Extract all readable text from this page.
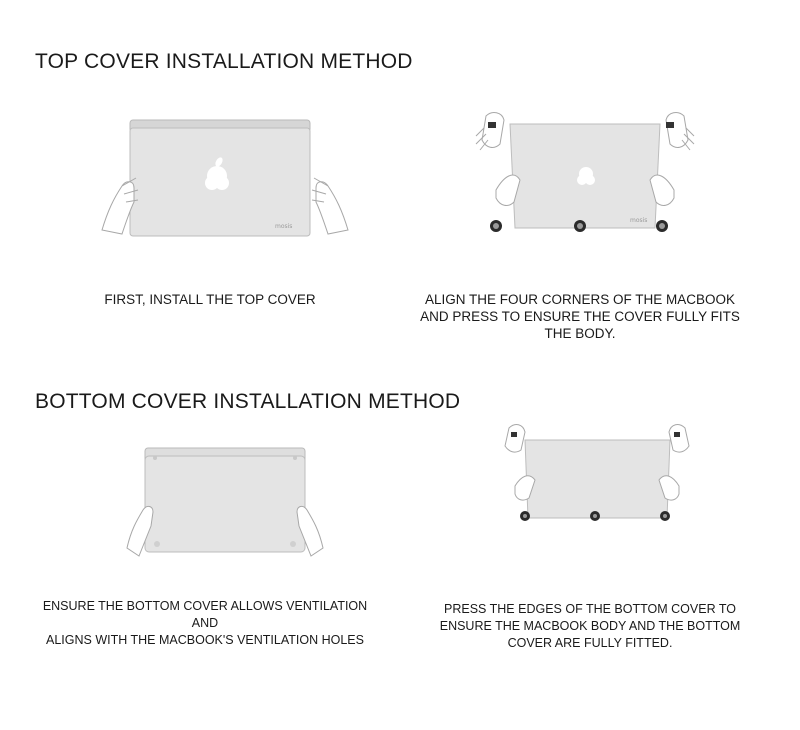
TOP COVER INSTALLATION METHOD
mosis
mosis
FIRST, INSTALL THE TOP COVER	ALIGN THE FOUR CORNERS OF THE MACBOOK
AND PRESS TO ENSURE THE COVER FULLY FITS
THE BODY.
BOTTOM COVER INSTALLATION METHOD
ENSURE THE BOTTOM COVER ALLOWS VENTILATION
AND
ALIGNS WITH THE MACBOOK'S VENTILATION HOLES
PRESS THE EDGES OF THE BOTTOM COVER TO
ENSURE THE MACBOOK BODY AND THE BOTTOM
COVER ARE FULLY FITTED.
